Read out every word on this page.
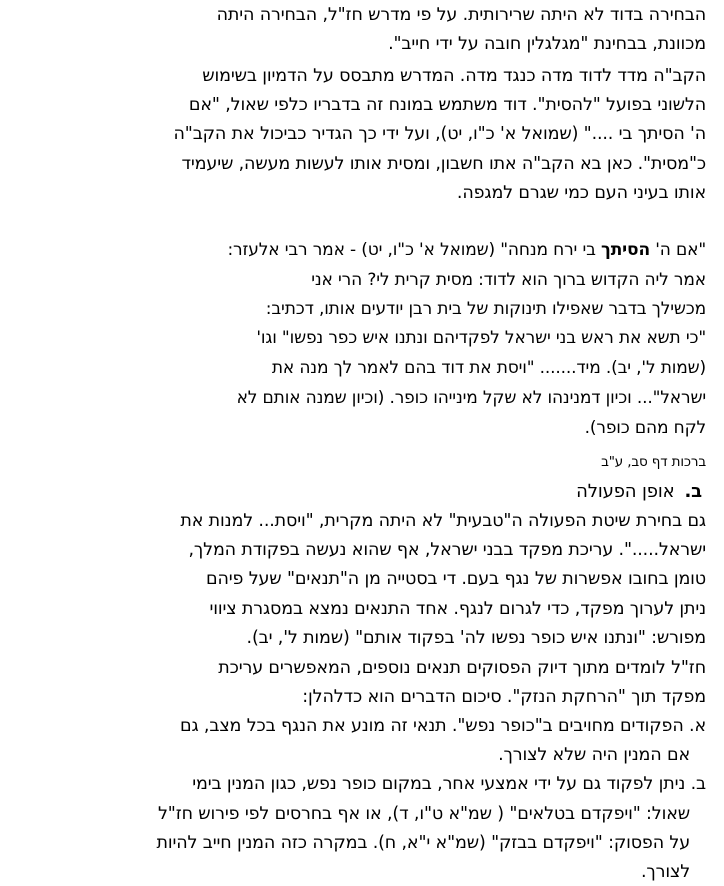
הבחירה בדוד לא היתה שרירותית. על פי מדרש חז"ל, הבחירה היתה
מכוונת, בבחינת "מגלגלין חובה על ידי חייב".
הקב"ה מדד לדוד מדה כנגד מדה. המדרש מתבסס על הדמיון בשימוש
הלשוני בפועל "להסית". דוד משתמש במונח זה בדבריו כלפי שאול, "אם
ה' הסיתך בי ...." (שמואל א' כ"ו, יט), ועל ידי כך הגדיר כביכול את הקב"ה
כ"מסית". כאן בא הקב"ה אתו חשבון, ומסית אותו לעשות מעשה, שיעמיד
אותו בעיני העם כמי שגרם למגפה.
"אם ה' הסיתך בי ירח מנחה" (שמואל א' כ"ו, יט) - אמר רבי אלעזר:
אמר ליה הקדוש ברוך הוא לדוד: מסית קרית לי? הרי אני
מכשילך בדבר שאפילו תינוקות של בית רבן יודעים אותו, דכתיב:
"כי תשא את ראש בני ישראל לפקדיהם ונתנו איש כפר נפשו" וגו'
(שמות ל', יב). מיד....... "ויסת את דוד בהם לאמר לך מנה את
ישראל"... וכיון דמנינהו לא שקל מינייהו כופר. (וכיון שמנה אותם לא
לקח מהם כופר).
ברכות דף סב, ע"ב
ב.אופן הפעולה
גם בחירת שיטת הפעולה ה"טבעית" לא היתה מקרית, "ויסת... למנות את
ישראל.....". עריכת מפקד בבני ישראל, אף שהוא נעשה בפקודת המלך,
טומן בחובו אפשרות של נגף בעם. די בסטייה מן ה"תנאים" שעל פיהם
ניתן לערוך מפקד, כדי לגרום לנגף. אחד התנאים נמצא במסגרת ציווי
מפורש: "ונתנו איש כופר נפשו לה' בפקוד אותם" (שמות ל', יב).
חז"ל לומדים מתוך דיוק הפסוקים תנאים נוספים, המאפשרים עריכת
מפקד תוך "הרחקת הנזק". סיכום הדברים הוא כדלהלן:
א. הפקודים מחויבים ב"כופר נפש". תנאי זה מונע את הנגף בכל מצב, גם
אם המנין היה שלא לצורך.
ב. ניתן לפקוד גם על ידי אמצעי אחר, במקום כופר נפש, כגון המנין בימי
שאול: "ויפקדם בטלאים" ( שמ"א ט"ו, ד), או אף בחרסים לפי פירוש חז"ל
על הפסוק: "ויפקדם בבזק" (שמ"א י"א, ח). במקרה כזה המנין חייב להיות
לצורך.
